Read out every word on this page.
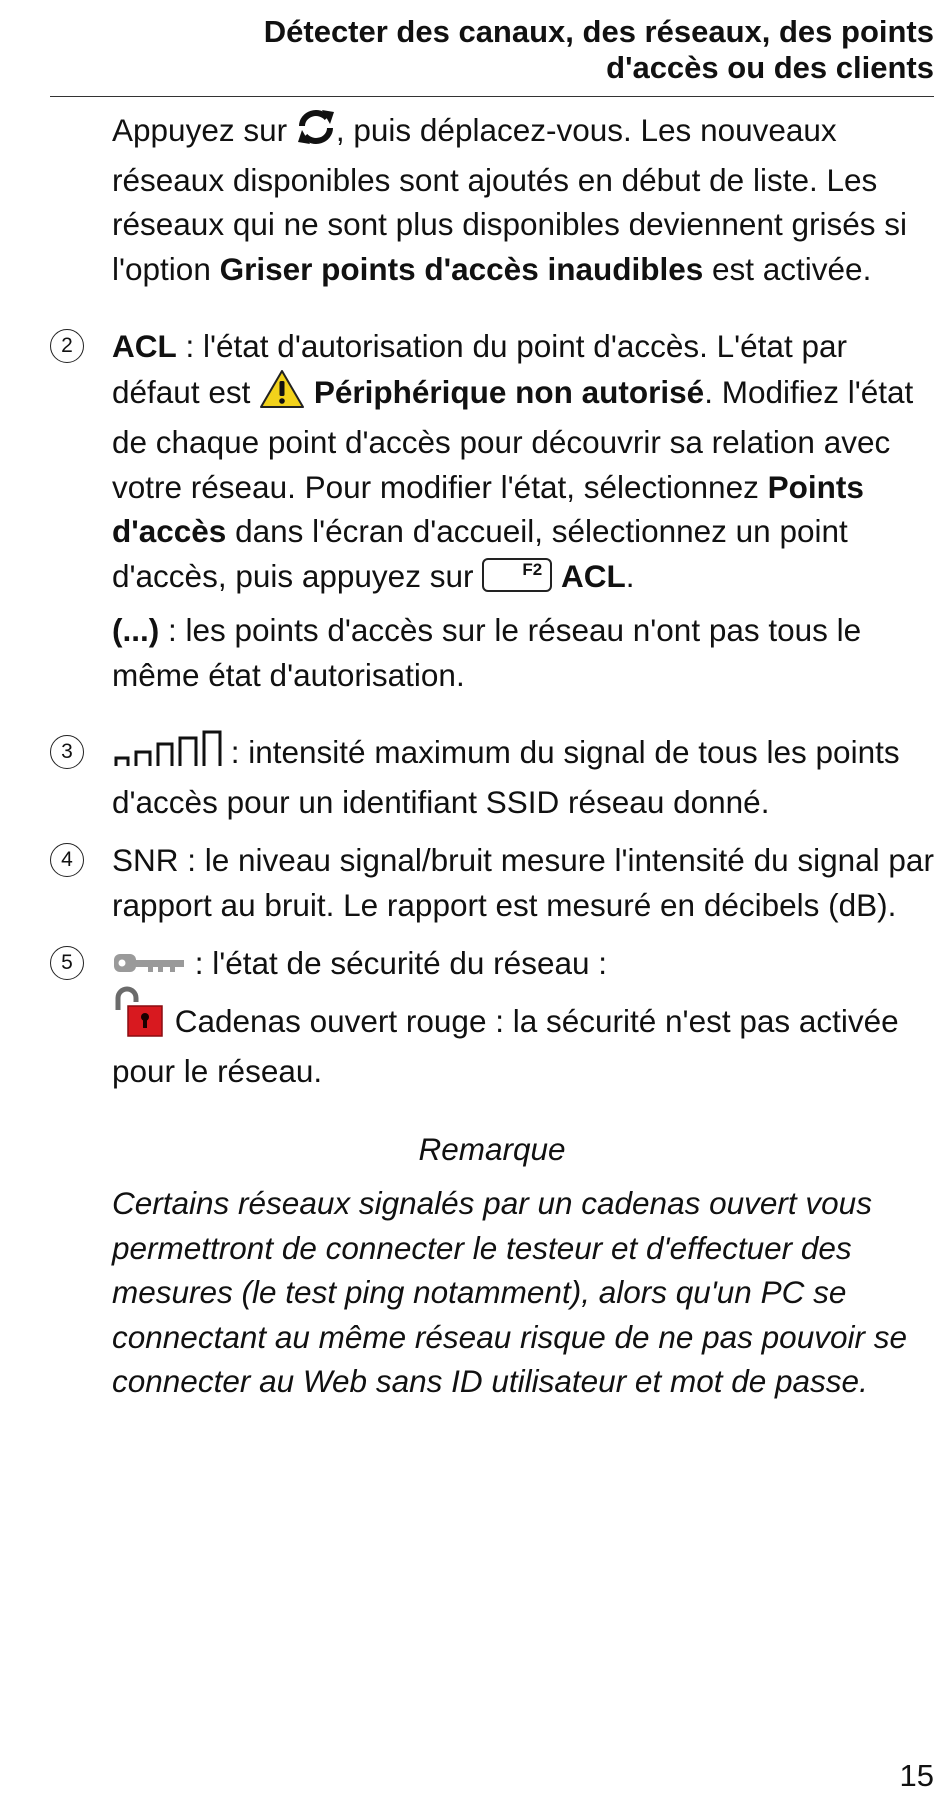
Détecter des canaux, des réseaux, des points
d'accès ou des clients

Appuyez sur , puis déplacez-vous. Les nouveaux réseaux disponibles sont ajoutés en début de liste. Les réseaux qui ne sont plus disponibles deviennent grisés si l'option Griser points d'accès inaudibles est activée.

2	ACL : l'état d'autorisation du point d'accès. L'état par défaut est  Périphérique non autorisé. Modifiez l'état de chaque point d'accès pour découvrir sa relation avec votre réseau. Pour modifier l'état, sélectionnez Points d'accès dans l'écran d'accueil, sélectionnez un point d'accès, puis appuyez sur F2 ACL.

(...) : les points d'accès sur le réseau n'ont pas tous le même état d'autorisation.

3	: intensité maximum du signal de tous les points d'accès pour un identifiant SSID réseau donné.

4	SNR : le niveau signal/bruit mesure l'intensité du signal par rapport au bruit. Le rapport est mesuré en décibels (dB).

5	: l'état de sécurité du réseau :

Cadenas ouvert rouge : la sécurité n'est pas activée pour le réseau.

Remarque

Certains réseaux signalés par un cadenas ouvert vous permettront de connecter le testeur et d'effectuer des mesures (le test ping notamment), alors qu'un PC se connectant au même réseau risque de ne pas pouvoir se connecter au Web sans ID utilisateur et mot de passe.

15
